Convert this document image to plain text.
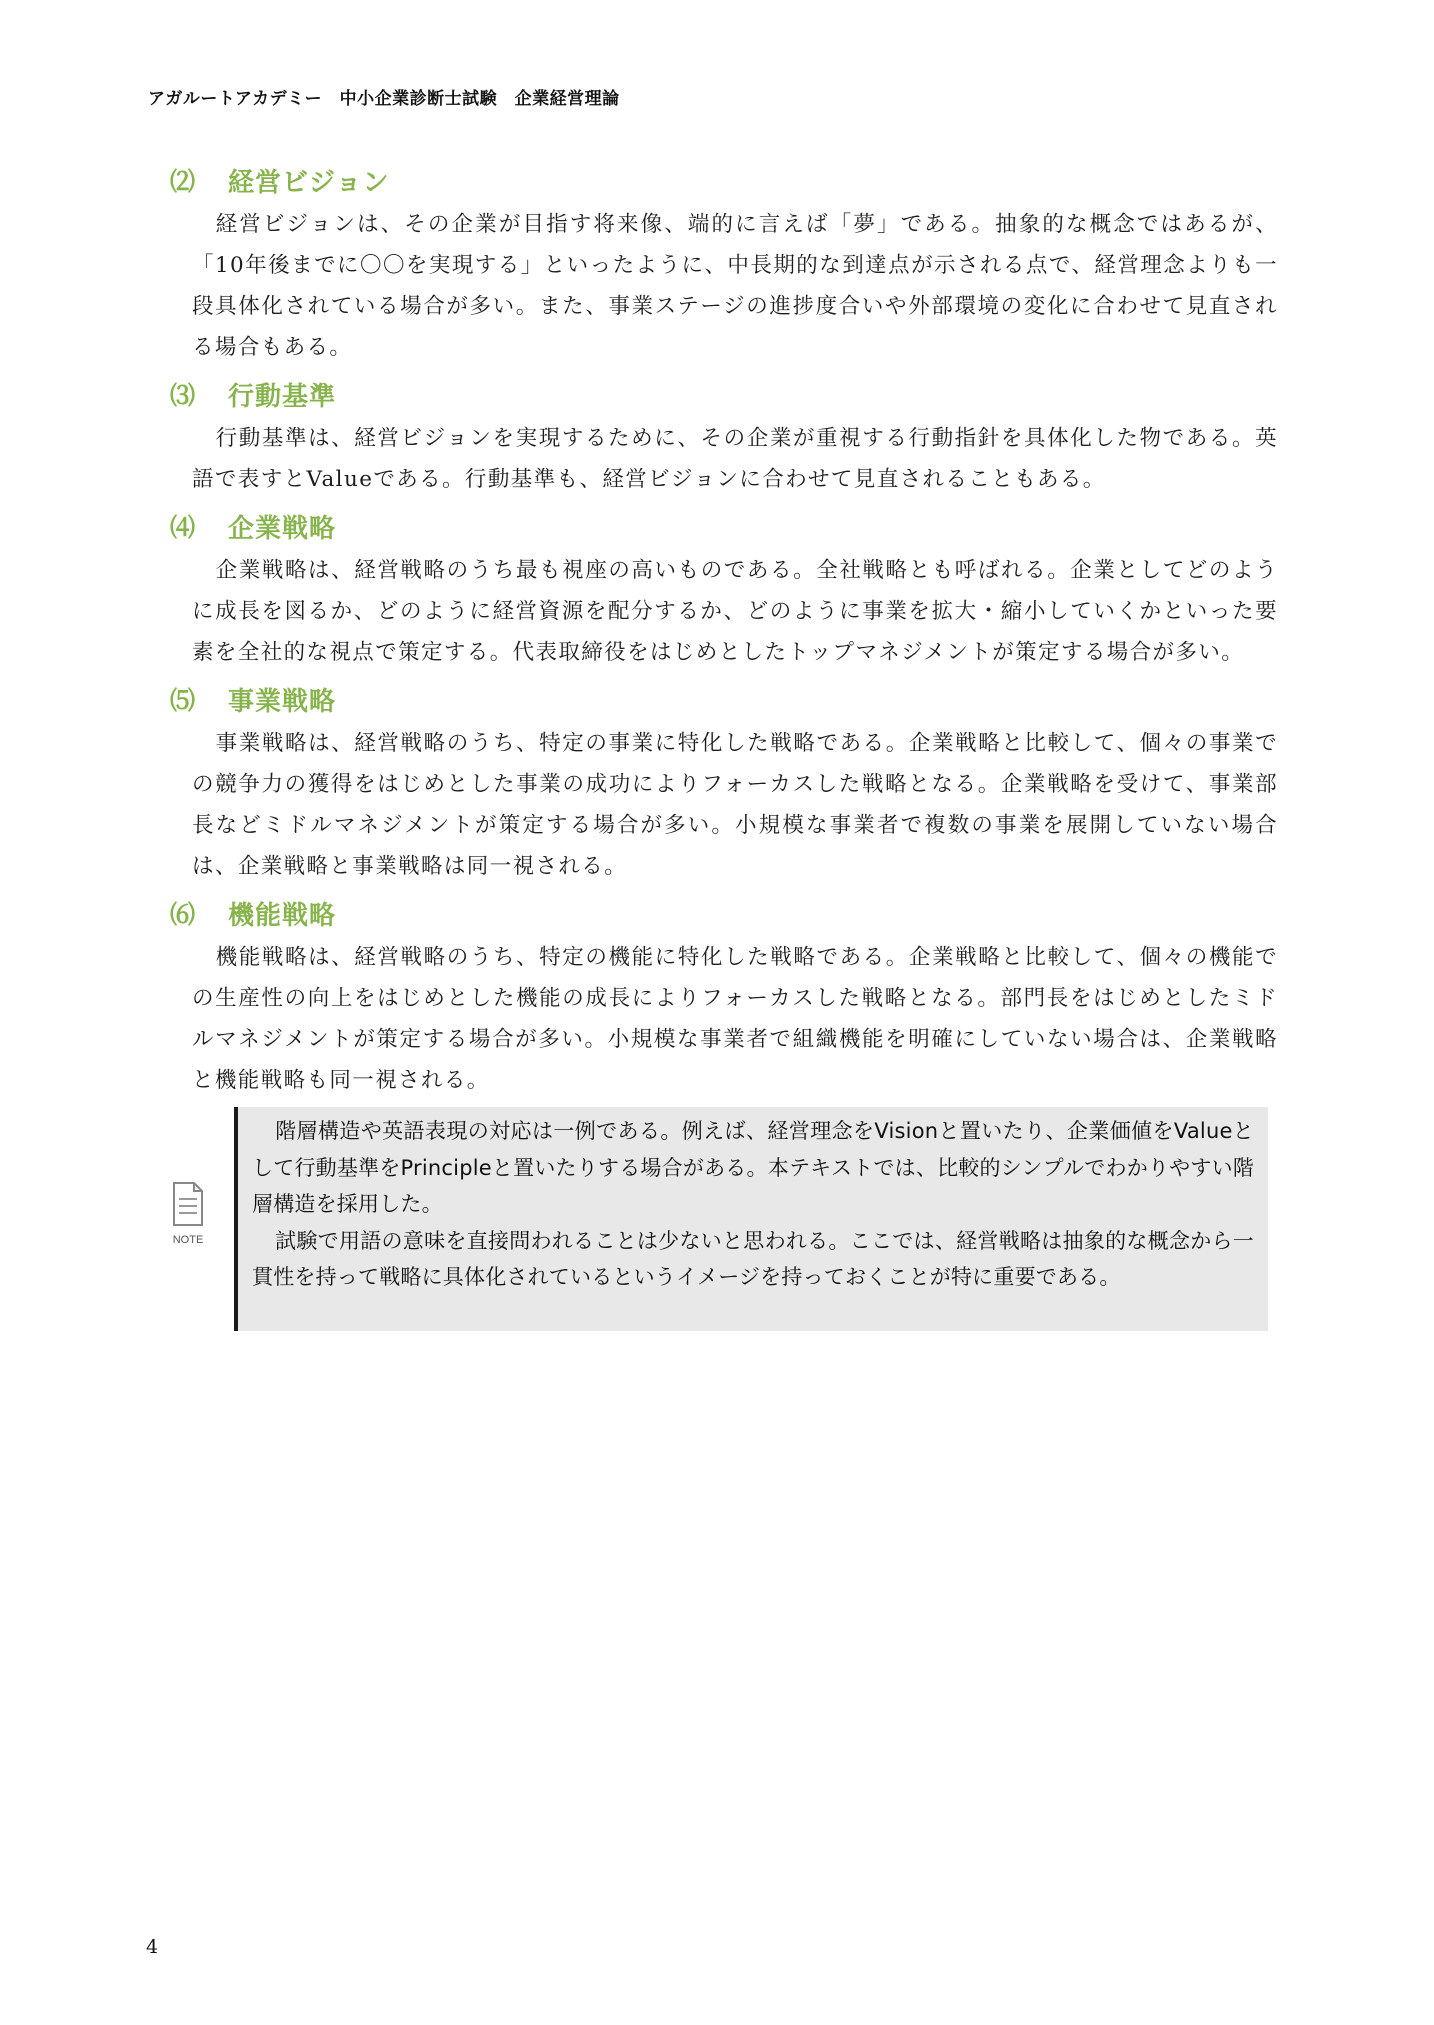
アガルートアカデミー　中小企業診断士試験　企業経営理論
⑵	経営ビジョン

経営ビジョンは、その企業が目指す将来像、端的に言えば「夢」である。抽象的な概念ではあるが、「10年後までに〇〇を実現する」といったように、中長期的な到達点が示される点で、経営理念よりも一段具体化されている場合が多い。また、事業ステージの進捗度合いや外部環境の変化に合わせて見直される場合もある。

⑶	行動基準

行動基準は、経営ビジョンを実現するために、その企業が重視する行動指針を具体化した物である。英語で表すとValueである。行動基準も、経営ビジョンに合わせて見直されることもある。

⑷	企業戦略

企業戦略は、経営戦略のうち最も視座の高いものである。全社戦略とも呼ばれる。企業としてどのように成長を図るか、どのように経営資源を配分するか、どのように事業を拡大・縮小していくかといった要素を全社的な視点で策定する。代表取締役をはじめとしたトップマネジメントが策定する場合が多い。

⑸	事業戦略

事業戦略は、経営戦略のうち、特定の事業に特化した戦略である。企業戦略と比較して、個々の事業での競争力の獲得をはじめとした事業の成功によりフォーカスした戦略となる。企業戦略を受けて、事業部長などミドルマネジメントが策定する場合が多い。小規模な事業者で複数の事業を展開していない場合は、企業戦略と事業戦略は同一視される。

⑹	機能戦略

機能戦略は、経営戦略のうち、特定の機能に特化した戦略である。企業戦略と比較して、個々の機能での生産性の向上をはじめとした機能の成長によりフォーカスした戦略となる。部門長をはじめとしたミドルマネジメントが策定する場合が多い。小規模な事業者で組織機能を明確にしていない場合は、企業戦略と機能戦略も同一視される。

NOTE

階層構造や英語表現の対応は一例である。例えば、経営理念をVisionと置いたり、企業価値をValueとして行動基準をPrincipleと置いたりする場合がある。本テキストでは、比較的シンプルでわかりやすい階層構造を採用した。

試験で用語の意味を直接問われることは少ないと思われる。ここでは、経営戦略は抽象的な概念から一貫性を持って戦略に具体化されているというイメージを持っておくことが特に重要である。

4
